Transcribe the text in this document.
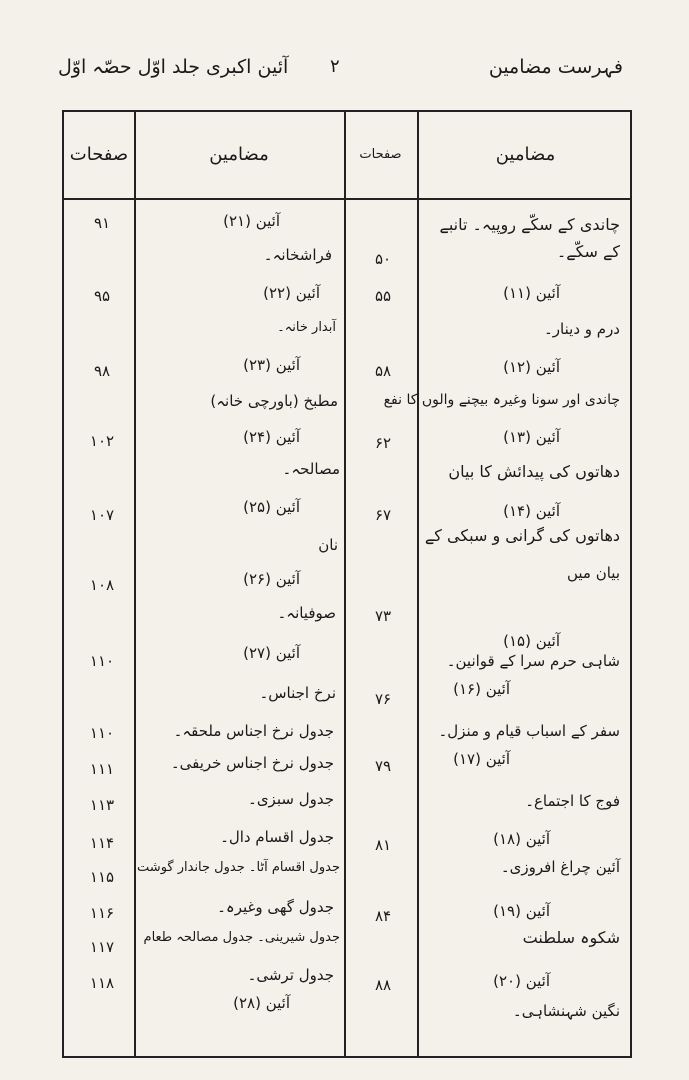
فہرست مضامین
۲
آئین اکبری جلد اوّل حصّہ اوّل
مضامین
صفحات
مضامین
صفحات
چاندی کے سکّے روپیہ۔ تانبے
کے سکّے۔
آئین (۱۱)
درم و دینار۔
آئین (۱۲)
چاندی اور سونا وغیرہ بیچنے والوں کا نفع
آئین (۱۳)
دھاتوں کی پیدائش کا بیان
آئین (۱۴)
دھاتوں کی گرانی و سبکی کے
بیان میں
آئین (۱۵)
شاہی حرم سرا کے قوانین۔
آئین (۱۶)
سفر کے اسباب قیام و منزل۔
آئین (۱۷)
فوج کا اجتماع۔
آئین (۱۸)
آئین چراغ افروزی۔
آئین (۱۹)
شکوہ سلطنت
آئین (۲۰)
نگین شہنشاہی۔
۵۰
۵۵
۵۸
۶۲
۶۷
۷۳
۷۶
۷۹
۸۱
۸۴
۸۸
آئین (۲۱)
فراشخانہ۔
آئین (۲۲)
آبدار خانہ۔
آئین (۲۳)
مطبخ (باورچی خانہ)
آئین (۲۴)
مصالحہ۔
آئین (۲۵)
نان
آئین (۲۶)
صوفیانہ۔
آئین (۲۷)
نرخ اجناس۔
جدول نرخ اجناس ملحقہ۔
جدول نرخ اجناس خریفی۔
جدول سبزی۔
جدول اقسام دال۔
جدول اقسام آٹا۔ جدول جاندار گوشت
جدول گھی وغیرہ۔
جدول شیرینی۔ جدول مصالحہ طعام
جدول ترشی۔
آئین (۲۸)
۹۱
۹۵
۹۸
۱۰۲
۱۰۷
۱۰۸
۱۱۰
۱۱۰
۱۱۱
۱۱۳
۱۱۴
۱۱۵
۱۱۶
۱۱۷
۱۱۸
